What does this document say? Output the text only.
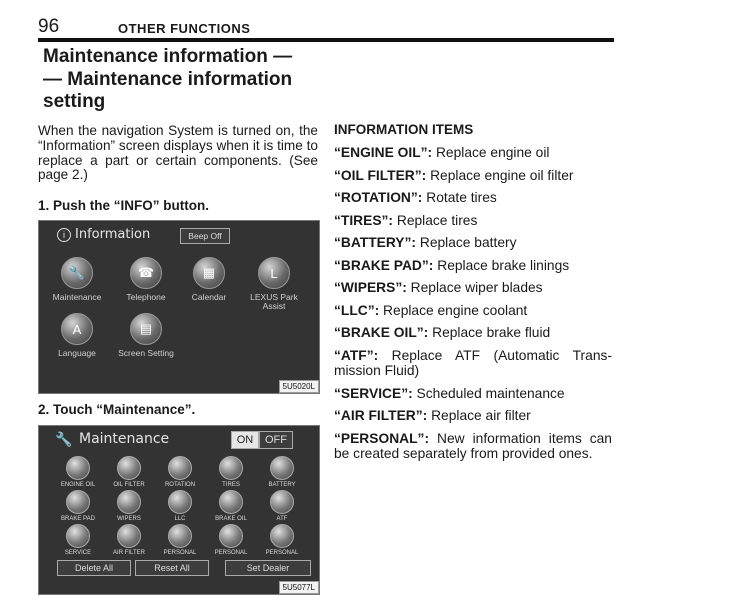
96	OTHER FUNCTIONS
Maintenance information —
— Maintenance information
setting
When the navigation System is turned on, the “Information” screen displays when it is time to replace a part or certain components. (See page 2.)
1. Push the “INFO” button.
i Information	Beep Off
🔧
Maintenance
☎
Telephone
▦
Calendar
L
LEXUS Park Assist
A
Language
▤
Screen Setting
5U5020L
2. Touch “Maintenance”.
🔧 Maintenance	ON	OFF
ENGINE OIL	OIL FILTER	ROTATION	TIRES	BATTERY
BRAKE PAD	WIPERS	LLC	BRAKE OIL	ATF
SERVICE	AIR FILTER	PERSONAL	PERSONAL	PERSONAL
Delete All	Reset All	Set Dealer
5U5077L
INFORMATION ITEMS
“ENGINE OIL”: Replace engine oil
“OIL FILTER”: Replace engine oil filter
“ROTATION”: Rotate tires
“TIRES”: Replace tires
“BATTERY”: Replace battery
“BRAKE PAD”: Replace brake linings
“WIPERS”: Replace wiper blades
“LLC”: Replace engine coolant
“BRAKE OIL”: Replace brake fluid
“ATF”: Replace ATF (Automatic Transmission Fluid)
“SERVICE”: Scheduled maintenance
“AIR FILTER”: Replace air filter
“PERSONAL”: New information items can be created separately from provided ones.
